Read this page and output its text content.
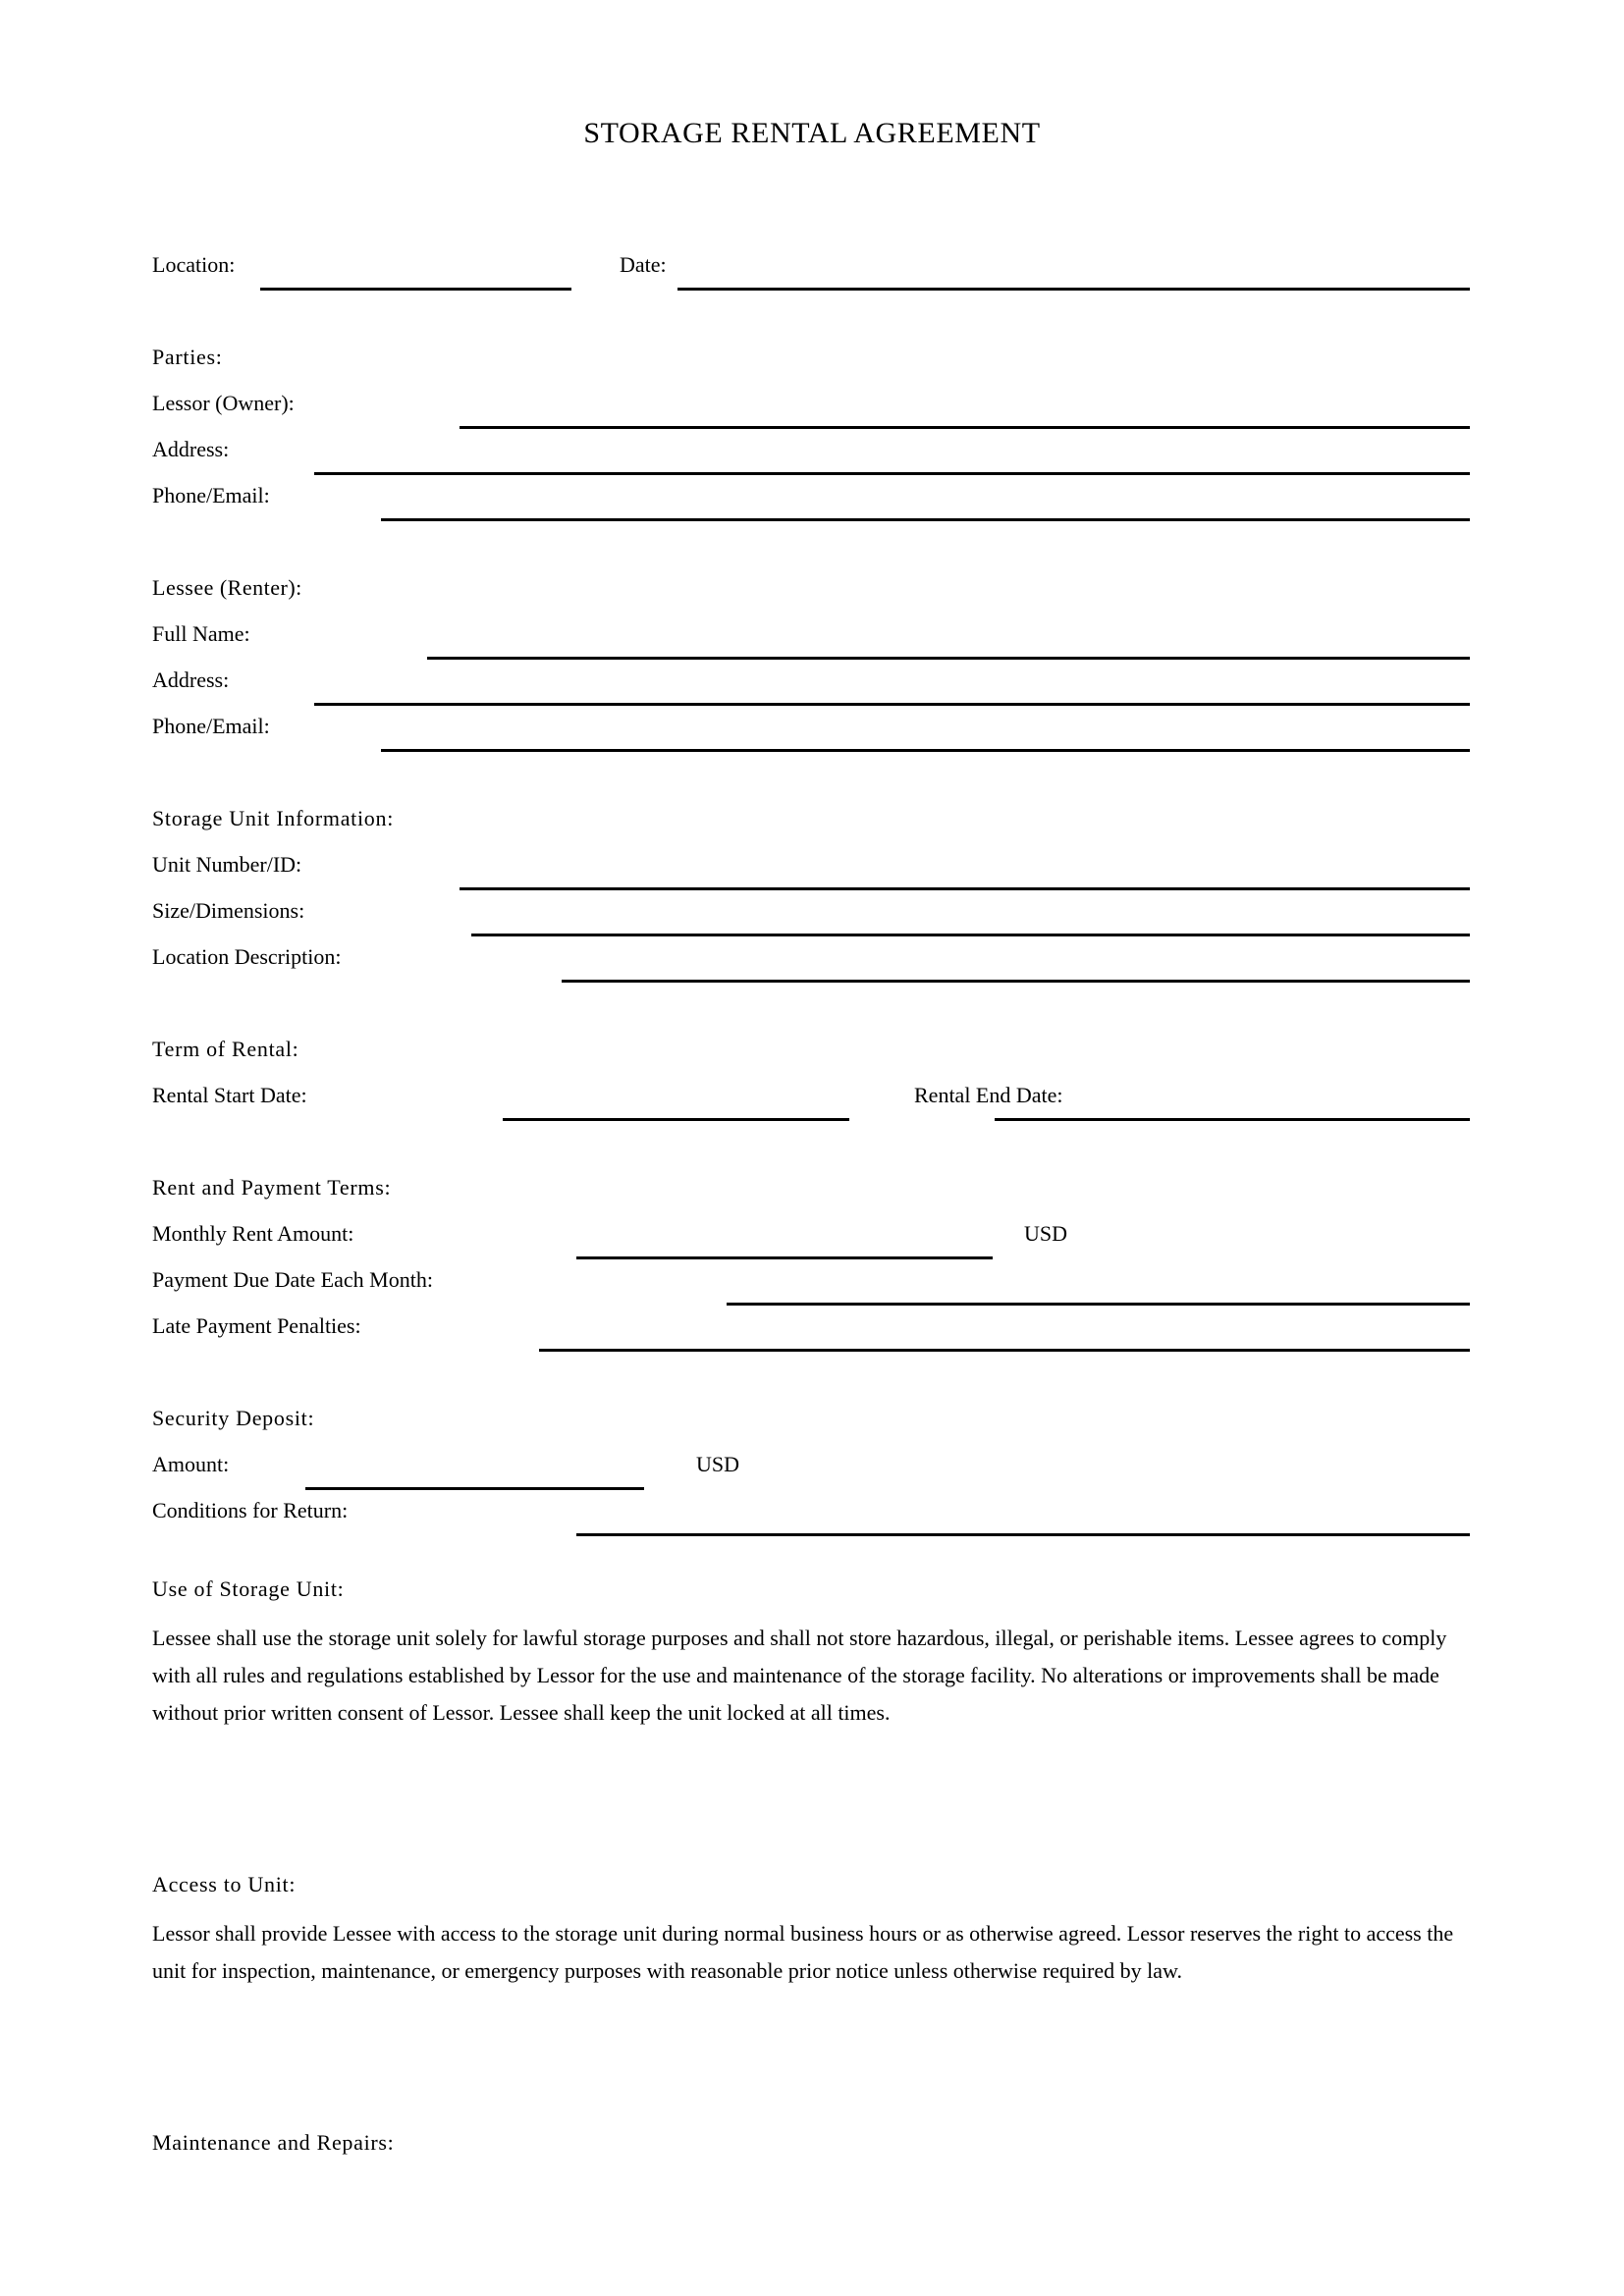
STORAGE RENTAL AGREEMENT
Location:	Date:
Parties:
Lessor (Owner):
Address:
Phone/Email:
Lessee (Renter):
Full Name:
Address:
Phone/Email:
Storage Unit Information:
Unit Number/ID:
Size/Dimensions:
Location Description:
Term of Rental:
Rental Start Date:	Rental End Date:
Rent and Payment Terms:
Monthly Rent Amount:	USD
Payment Due Date Each Month:
Late Payment Penalties:
Security Deposit:
Amount:	USD
Conditions for Return:
Use of Storage Unit:
Lessee shall use the storage unit solely for lawful storage purposes and shall not store hazardous, illegal, or perishable items. Lessee agrees to comply with all rules and regulations established by Lessor for the use and maintenance of the storage facility. No alterations or improvements shall be made without prior written consent of Lessor. Lessee shall keep the unit locked at all times.
Access to Unit:
Lessor shall provide Lessee with access to the storage unit during normal business hours or as otherwise agreed. Lessor reserves the right to access the unit for inspection, maintenance, or emergency purposes with reasonable prior notice unless otherwise required by law.
Maintenance and Repairs:
